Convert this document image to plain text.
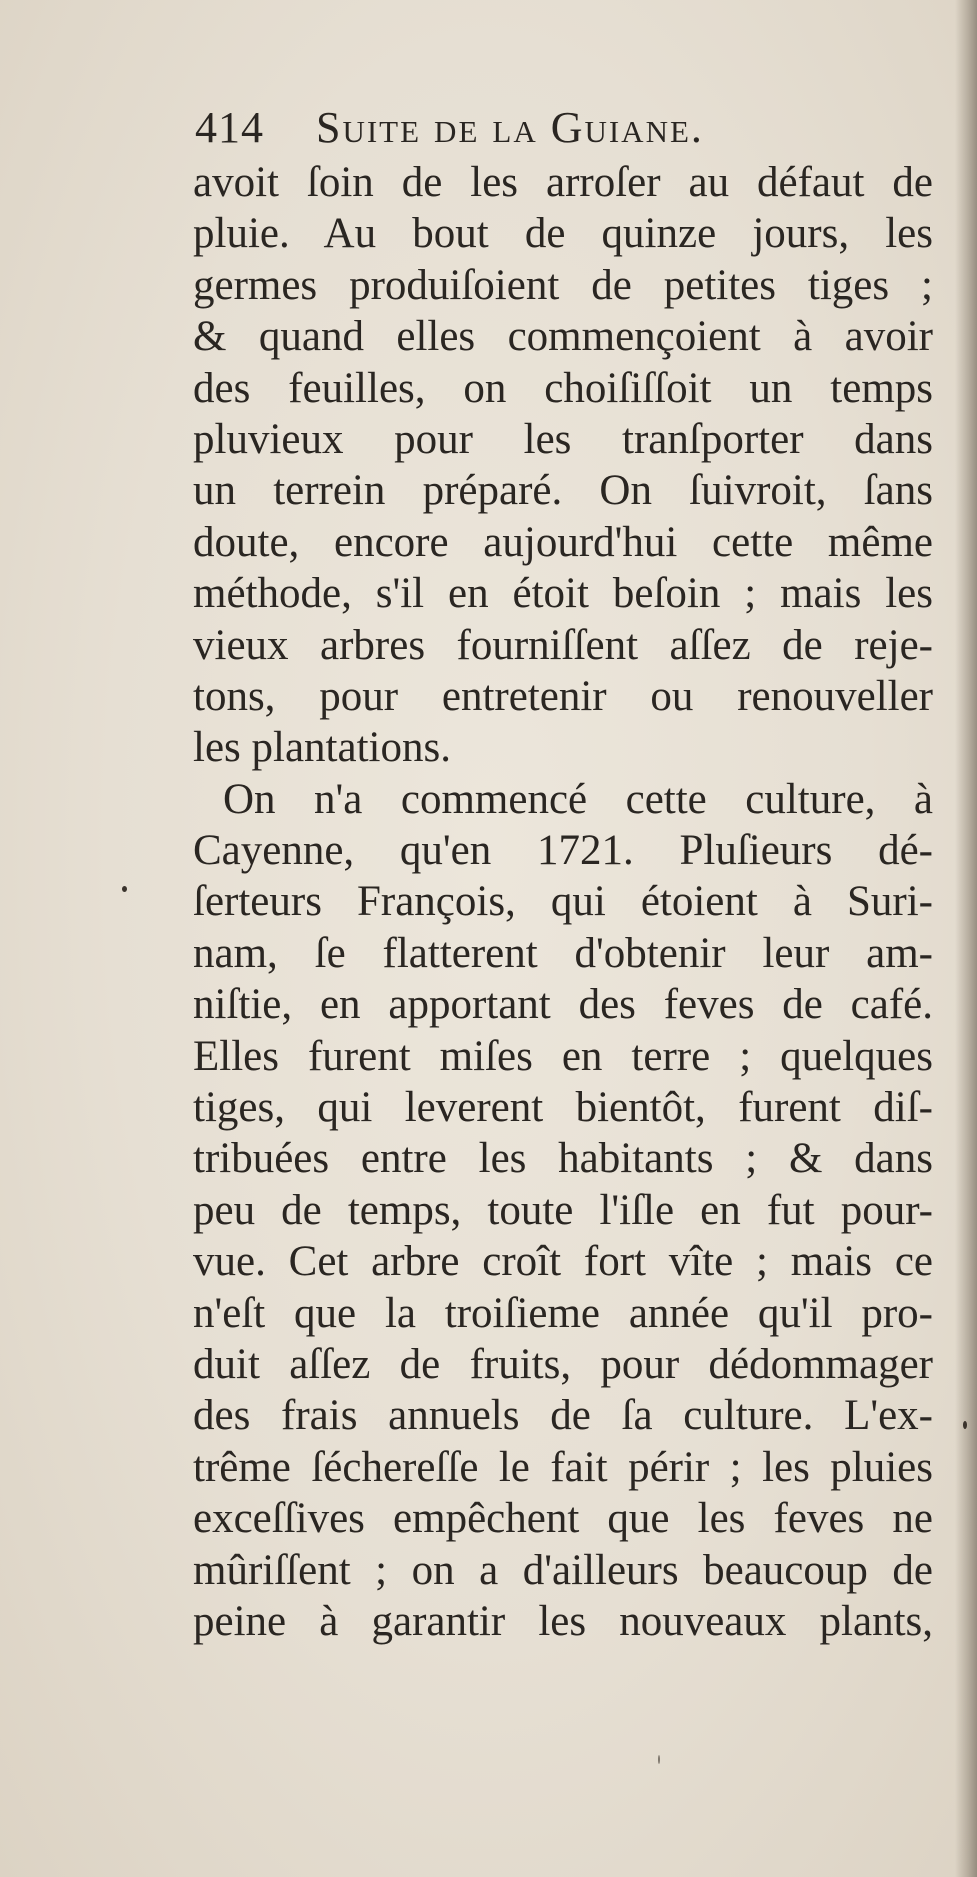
414 Suite de la Guiane.
avoit ſoin de les arroſer au défaut de
pluie. Au bout de quinze jours, les
germes produiſoient de petites tiges ;
& quand elles commençoient à avoir
des feuilles, on choiſiſſoit un temps
pluvieux pour les tranſporter dans
un terrein préparé. On ſuivroit, ſans
doute, encore aujourd'hui cette même
méthode, s'il en étoit beſoin ; mais les
vieux arbres fourniſſent aſſez de reje-
tons, pour entretenir ou renouveller
les plantations.
On n'a commencé cette culture, à
Cayenne, qu'en 1721. Pluſieurs dé-
ſerteurs François, qui étoient à Suri-
nam, ſe flatterent d'obtenir leur am-
niſtie, en apportant des feves de café.
Elles furent miſes en terre ; quelques
tiges, qui leverent bientôt, furent diſ-
tribuées entre les habitants ; & dans
peu de temps, toute l'iſle en fut pour-
vue. Cet arbre croît fort vîte ; mais ce
n'eſt que la troiſieme année qu'il pro-
duit aſſez de fruits, pour dédommager
des frais annuels de ſa culture. L'ex-
trême ſéchereſſe le fait périr ; les pluies
exceſſives empêchent que les feves ne
mûriſſent ; on a d'ailleurs beaucoup de
peine à garantir les nouveaux plants,
